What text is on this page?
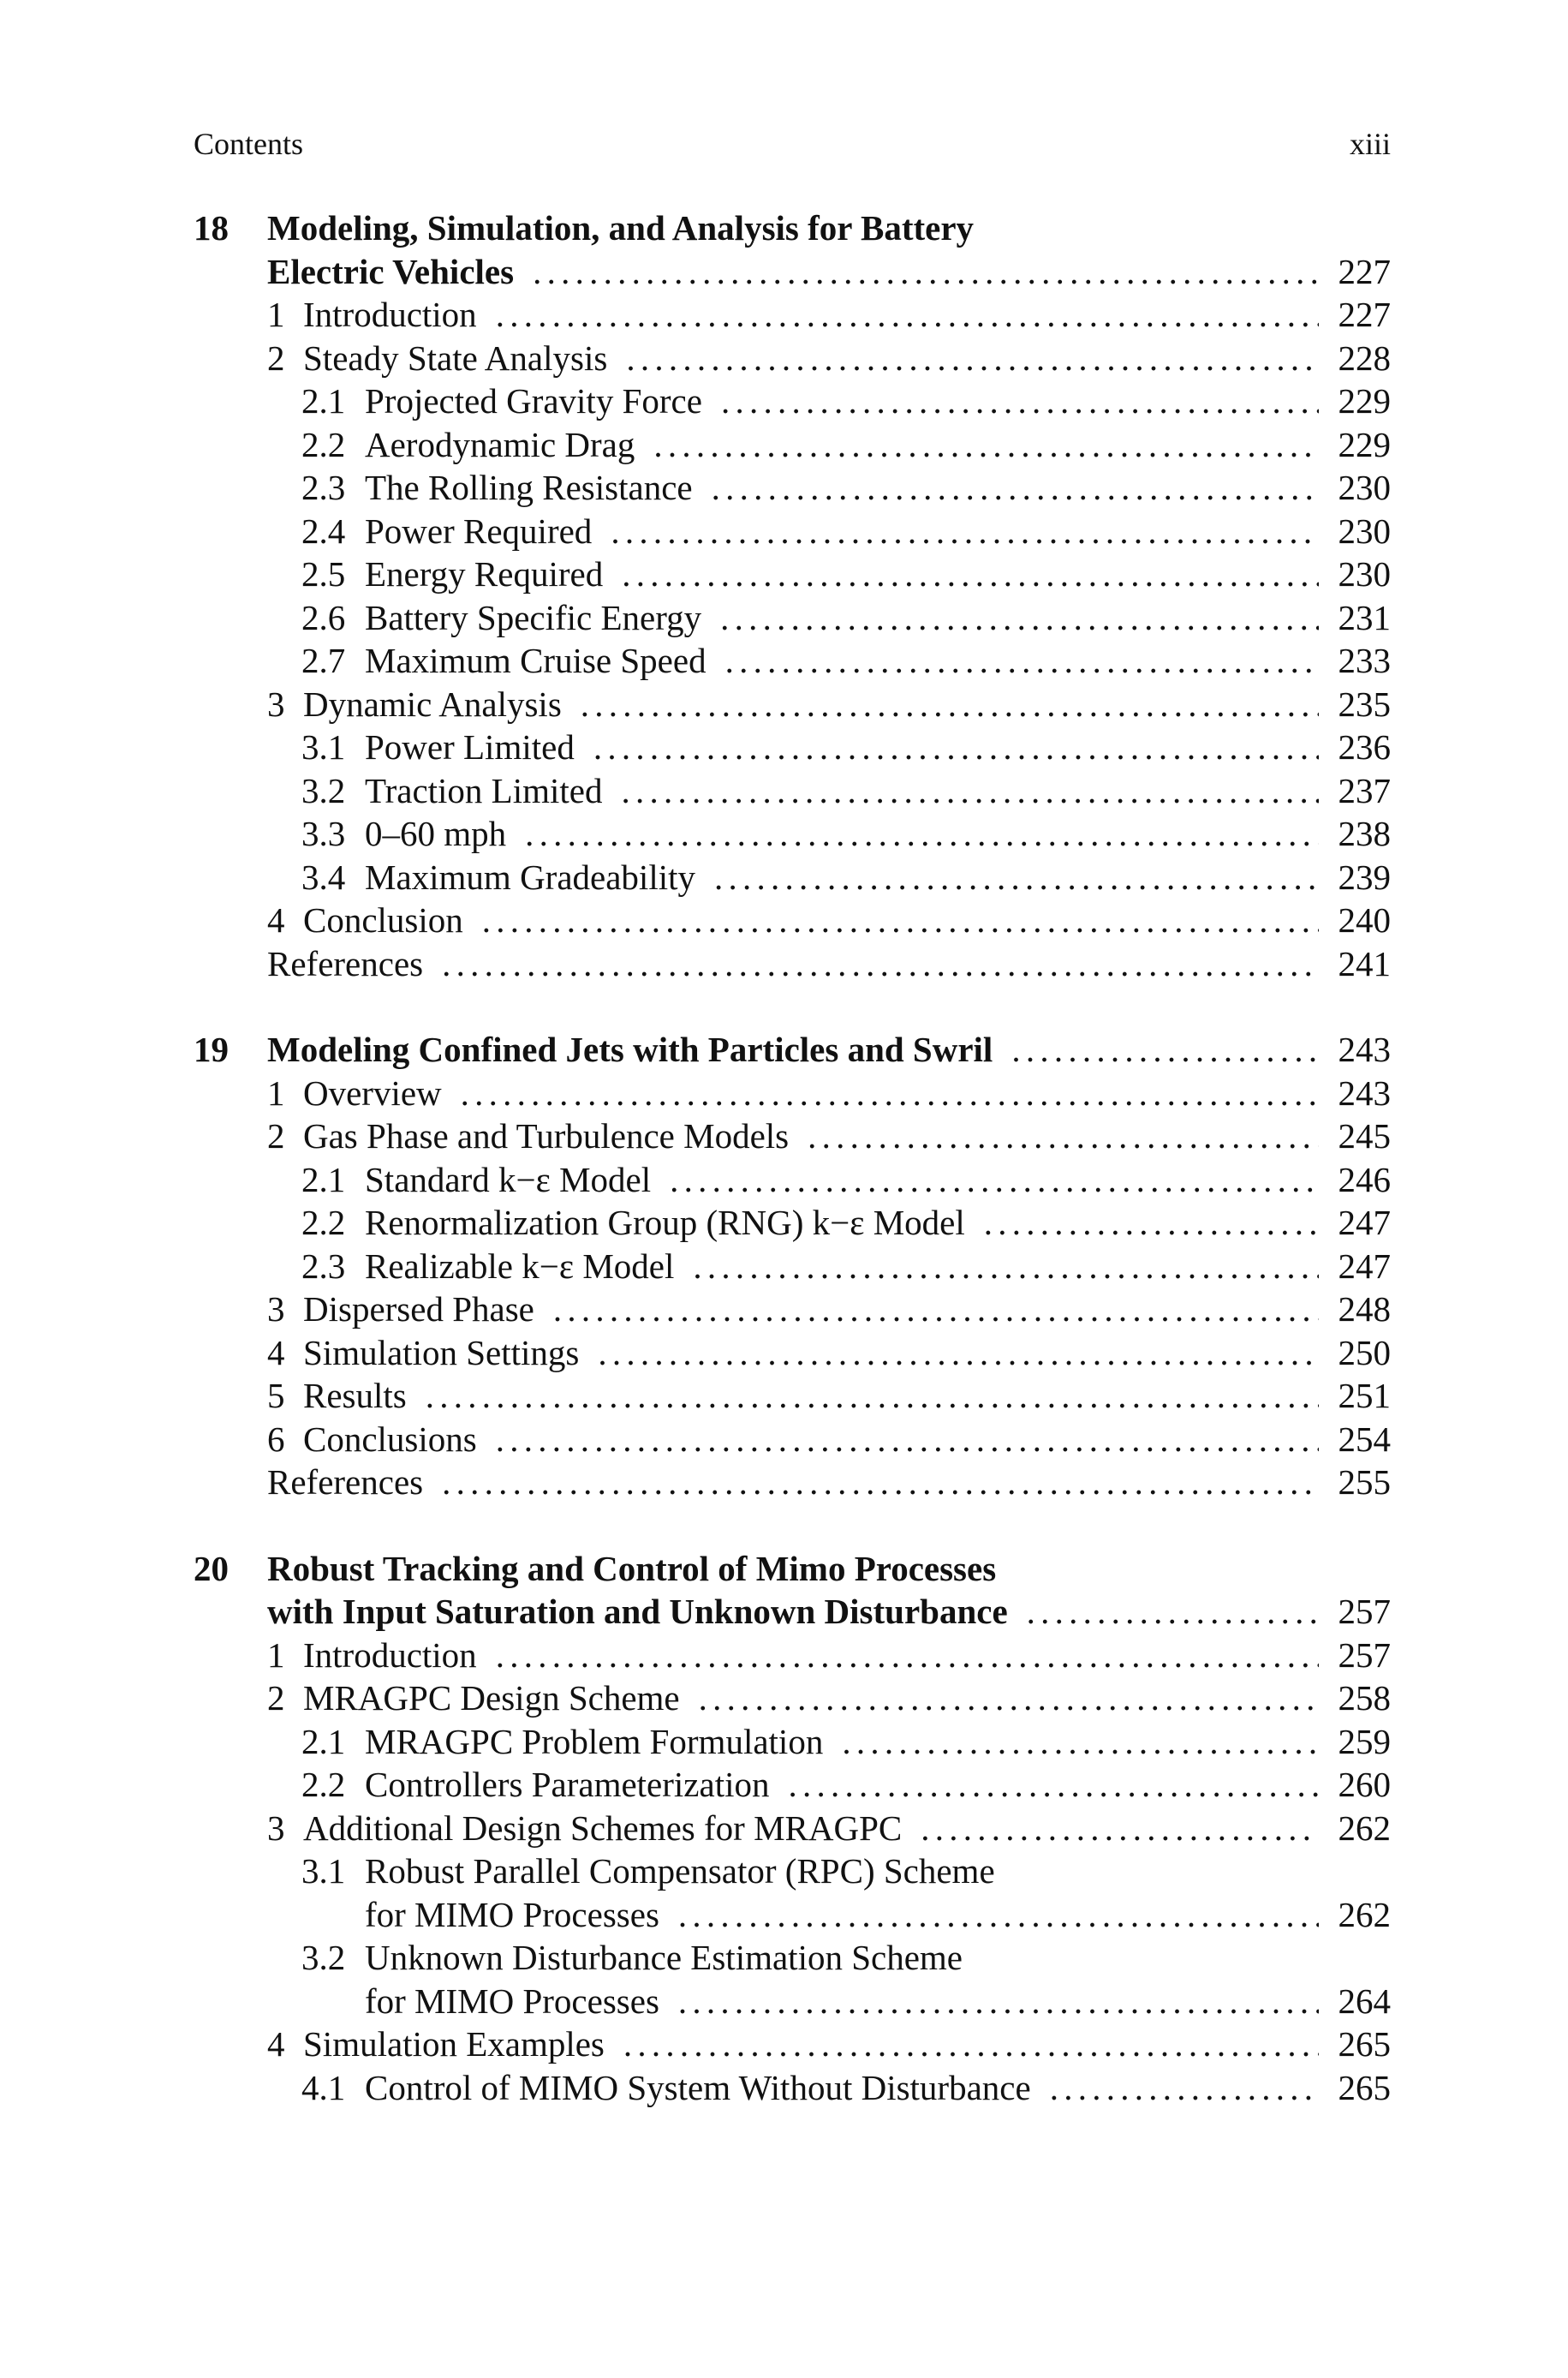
Contents	xiii
18	Modeling, Simulation, and Analysis for Battery
Electric Vehicles . . .	227
1 Introduction . . .	227
2 Steady State Analysis . . .	228
2.1 Projected Gravity Force . . .	229
2.2 Aerodynamic Drag . . .	229
2.3 The Rolling Resistance . . .	230
2.4 Power Required . . .	230
2.5 Energy Required . . .	230
2.6 Battery Specific Energy . . .	231
2.7 Maximum Cruise Speed . . .	233
3 Dynamic Analysis . . .	235
3.1 Power Limited . . .	236
3.2 Traction Limited . . .	237
3.3 0–60 mph . . .	238
3.4 Maximum Gradeability . . .	239
4 Conclusion . . .	240
References . . .	241
19	Modeling Confined Jets with Particles and Swril . . .	243
1 Overview . . .	243
2 Gas Phase and Turbulence Models . . .	245
2.1 Standard k−ε Model . . .	246
2.2 Renormalization Group (RNG) k−ε Model . . .	247
2.3 Realizable k−ε Model . . .	247
3 Dispersed Phase . . .	248
4 Simulation Settings . . .	250
5 Results . . .	251
6 Conclusions . . .	254
References . . .	255
20	Robust Tracking and Control of Mimo Processes
with Input Saturation and Unknown Disturbance . . .	257
1 Introduction . . .	257
2 MRAGPC Design Scheme . . .	258
2.1 MRAGPC Problem Formulation . . .	259
2.2 Controllers Parameterization . . .	260
3 Additional Design Schemes for MRAGPC . . .	262
3.1 Robust Parallel Compensator (RPC) Scheme
for MIMO Processes . . .	262
3.2 Unknown Disturbance Estimation Scheme
for MIMO Processes . . .	264
4 Simulation Examples . . .	265
4.1 Control of MIMO System Without Disturbance . . .	265
